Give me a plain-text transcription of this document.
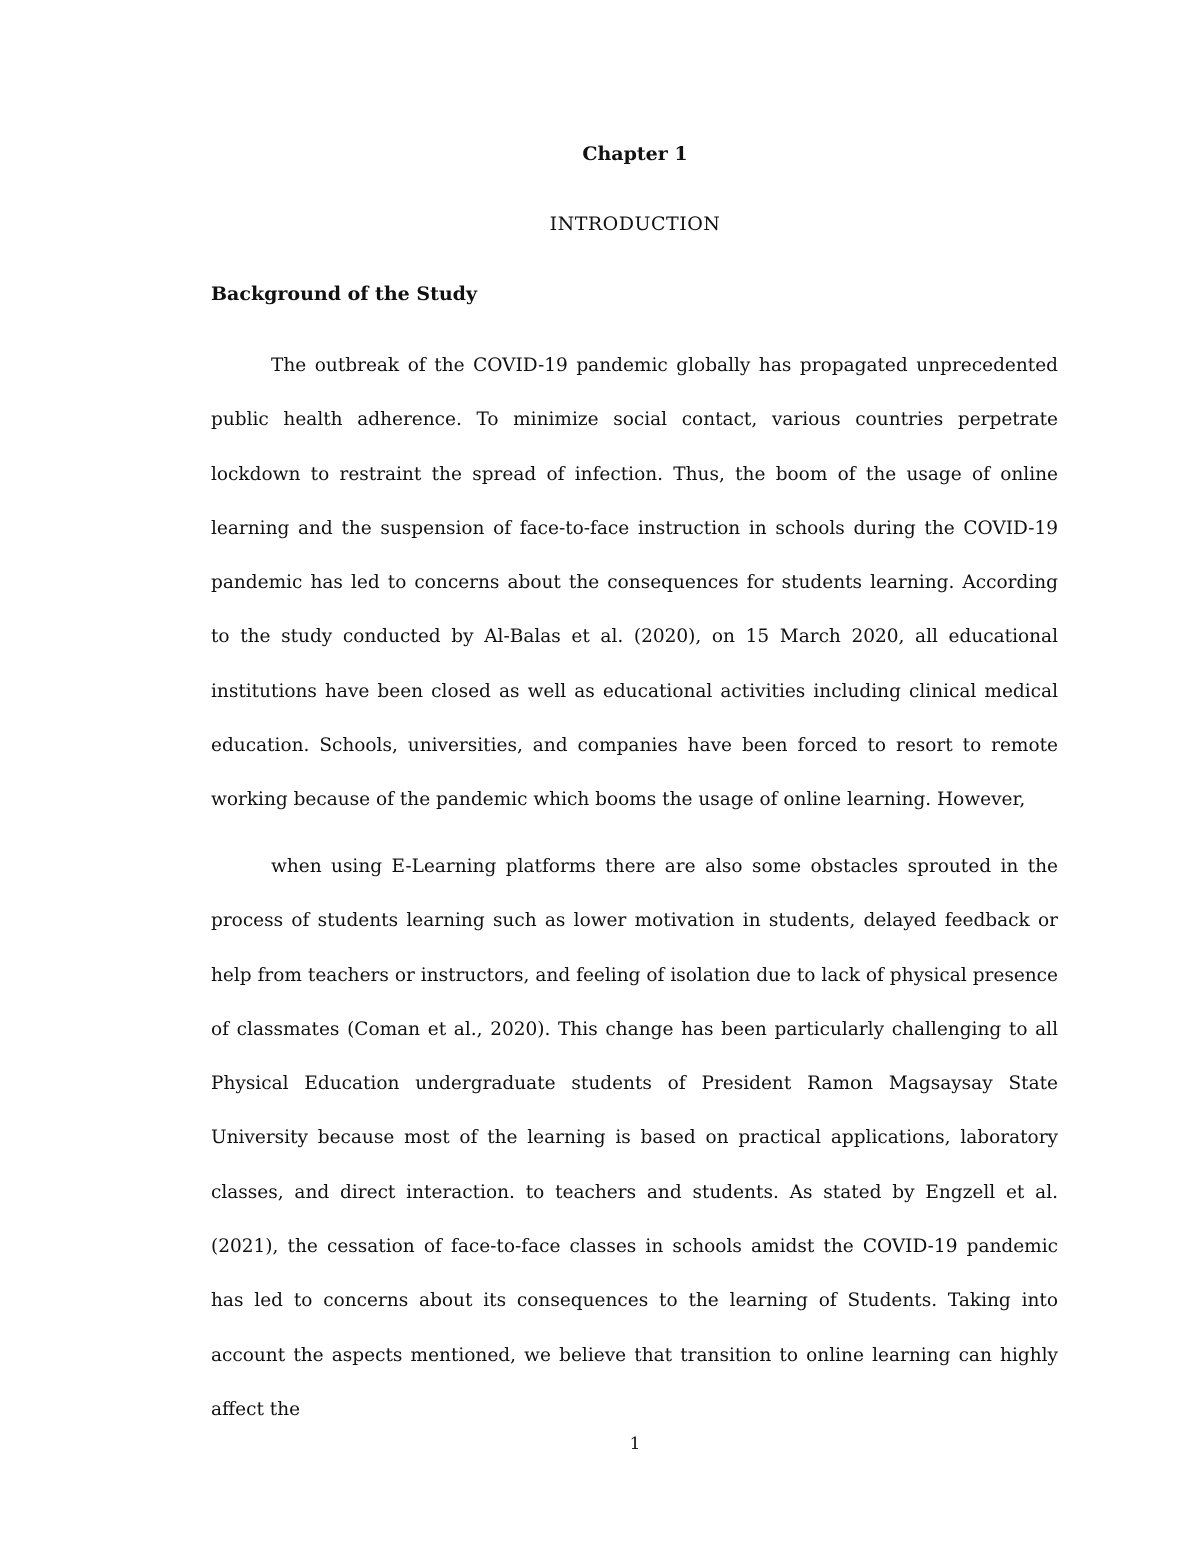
Chapter 1
INTRODUCTION
Background of the Study

The outbreak of the COVID-19 pandemic globally has propagated unprecedented public health adherence. To minimize social contact, various countries perpetrate lockdown to restraint the spread of infection. Thus, the boom of the usage of online learning and the suspension of face-to-face instruction in schools during the COVID-19 pandemic has led to concerns about the consequences for students learning. According to the study conducted by Al-Balas et al. (2020), on 15 March 2020, all educational institutions have been closed as well as educational activities including clinical medical education. Schools, universities, and companies have been forced to resort to remote working because of the pandemic which booms the usage of online learning. However,

when using E-Learning platforms there are also some obstacles sprouted in the process of students learning such as lower motivation in students, delayed feedback or help from teachers or instructors, and feeling of isolation due to lack of physical presence of classmates (Coman et al., 2020). This change has been particularly challenging to all Physical Education undergraduate students of President Ramon Magsaysay State University because most of the learning is based on practical applications, laboratory classes, and direct interaction. to teachers and students. As stated by Engzell et al. (2021), the cessation of face-to-face classes in schools amidst the COVID-19 pandemic has led to concerns about its consequences to the learning of Students. Taking into account the aspects mentioned, we believe that transition to online learning can highly affect the

1
